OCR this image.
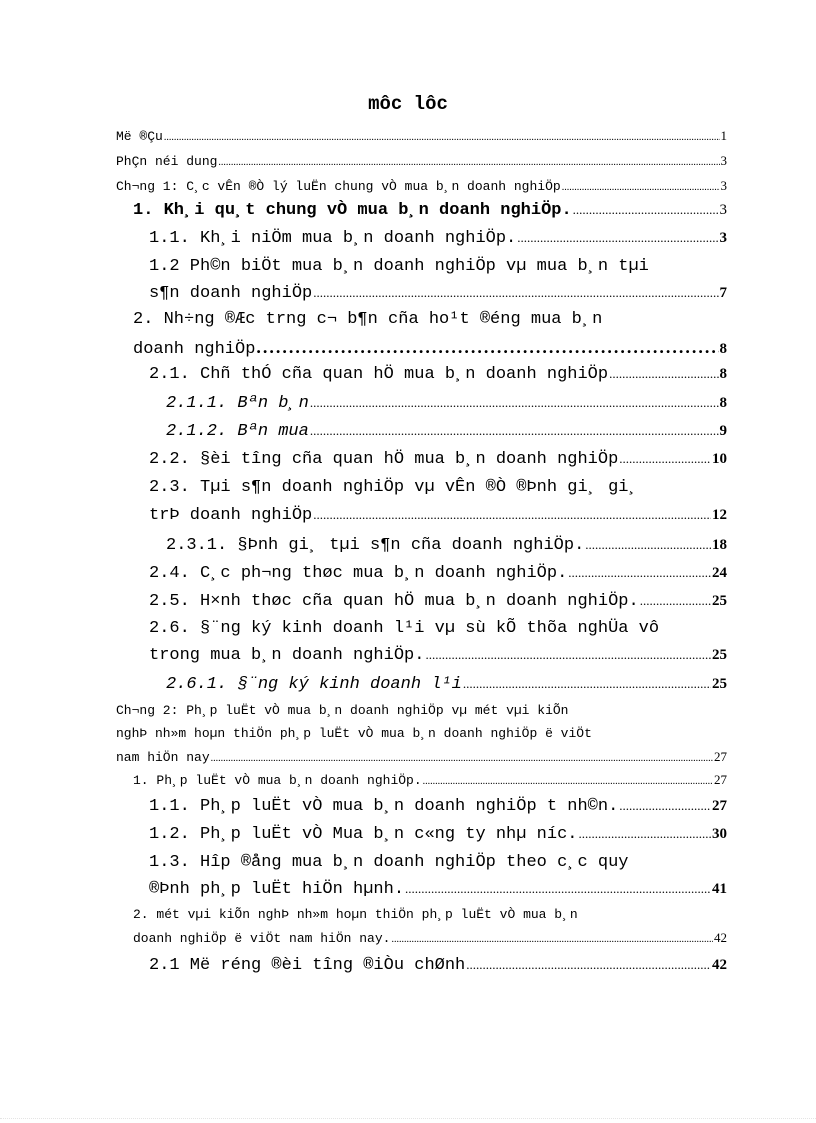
môc lôc
Më ®Çu .....	1
PhÇn néi dung .....	3
Ch¬ng 1: C¸c vÊn ®Ò lý luËn chung vÒ mua b¸n doanh nghiÖp .....	3
1. Kh¸i qu¸t chung vÒ mua b¸n doanh nghiÖp. .....	3
1.1. Kh¸i niÖm mua b¸n doanh nghiÖp. .....	3
1.2 Ph©n biÖt mua b¸n doanh nghiÖp vµ mua b¸n tµi
s¶n doanh nghiÖp .....	7
2. Nh÷ng ®Æc trng c¬ b¶n cña ho¹t ®éng mua b¸n
doanh nghiÖp .....	8
2.1. Chñ thÓ cña quan hÖ mua b¸n doanh nghiÖp .....	8
2.1.1. Bªn b¸n .....	8
2.1.2. Bªn mua .....	9
2.2. §èi tîng cña quan hÖ mua b¸n doanh nghiÖp .....	10
2.3. Tµi s¶n doanh nghiÖp vµ vÊn ®Ò ®Þnh gi¸ gi¸
trÞ doanh nghiÖp .....	12
2.3.1. §Þnh gi¸ tµi s¶n cña doanh nghiÖp. .....	18
2.4. C¸c ph¬ng thøc mua b¸n doanh nghiÖp. .....	24
2.5. H×nh thøc cña quan hÖ mua b¸n doanh nghiÖp. .....	25
2.6. §¨ng ký kinh doanh l¹i vµ sù kÕ thõa nghÜa vô
trong mua b¸n doanh nghiÖp. .....	25
2.6.1. §¨ng ký kinh doanh l¹i .....	25
Ch¬ng 2: Ph¸p luËt vÒ mua b¸n doanh nghiÖp vµ mét vµi kiÕn
nghÞ nh»m hoµn thiÖn ph¸p luËt vÒ mua b¸n doanh nghiÖp ë viÖt
nam hiÖn nay .....	27
1. Ph¸p luËt vÒ mua b¸n doanh nghiÖp. .....	27
1.1. Ph¸p luËt vÒ mua b¸n doanh nghiÖp t nh©n. .....	27
1.2. Ph¸p luËt vÒ Mua b¸n c«ng ty nhµ níc. .....	30
1.3. Hîp ®ång mua b¸n doanh nghiÖp theo c¸c quy
®Þnh ph¸p luËt hiÖn hµnh. .....	41
2. mét vµi kiÕn nghÞ nh»m hoµn thiÖn ph¸p luËt vÒ mua b¸n
doanh nghiÖp ë viÖt nam hiÖn nay. .....	42
2.1 Më réng ®èi tîng ®iÒu chØnh .....	42
